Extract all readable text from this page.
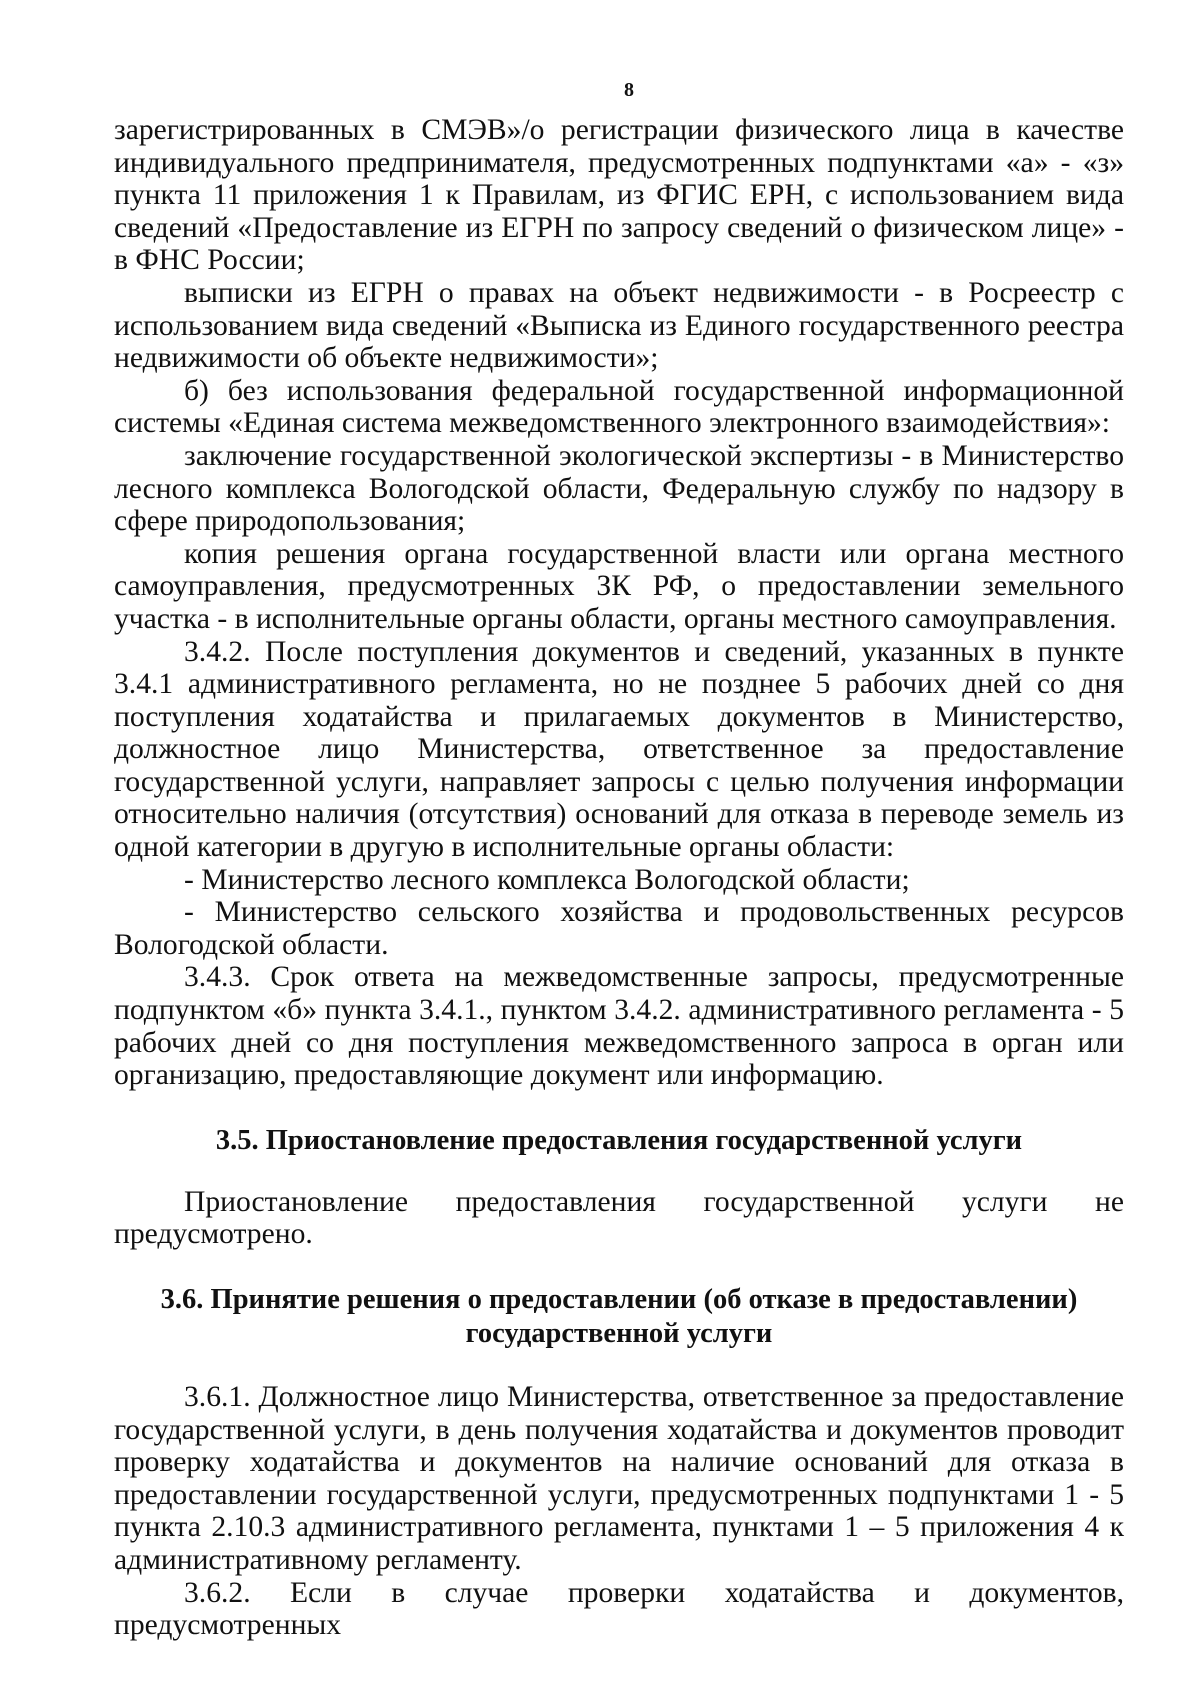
8

зарегистрированных в СМЭВ»/о регистрации физического лица в качестве индивидуального предпринимателя, предусмотренных подпунктами «а» - «з» пункта 11 приложения 1 к Правилам, из ФГИС ЕРН, с использованием вида сведений «Предоставление из ЕГРН по запросу сведений о физическом лице» - в ФНС России;

выписки из ЕГРН о правах на объект недвижимости - в Росреестр с использованием вида сведений «Выписка из Единого государственного реестра недвижимости об объекте недвижимости»;

б) без использования федеральной государственной информационной системы «Единая система межведомственного электронного взаимодействия»:

заключение государственной экологической экспертизы - в Министерство лесного комплекса Вологодской области, Федеральную службу по надзору в сфере природопользования;

копия решения органа государственной власти или органа местного самоуправления, предусмотренных ЗК РФ, о предоставлении земельного участка - в исполнительные органы области, органы местного самоуправления.

3.4.2. После поступления документов и сведений, указанных в пункте 3.4.1 административного регламента, но не позднее 5 рабочих дней со дня поступления ходатайства и прилагаемых документов в Министерство, должностное лицо Министерства, ответственное за предоставление государственной услуги, направляет запросы с целью получения информации относительно наличия (отсутствия) оснований для отказа в переводе земель из одной категории в другую в исполнительные органы области:

- Министерство лесного комплекса Вологодской области;

- Министерство сельского хозяйства и продовольственных ресурсов Вологодской области.

3.4.3. Срок ответа на межведомственные запросы, предусмотренные подпунктом «б» пункта 3.4.1., пунктом 3.4.2. административного регламента - 5 рабочих дней со дня поступления межведомственного запроса в орган или организацию, предоставляющие документ или информацию.

3.5. Приостановление предоставления государственной услуги

Приостановление предоставления государственной услуги не предусмотрено.

3.6. Принятие решения о предоставлении (об отказе в предоставлении) государственной услуги

3.6.1. Должностное лицо Министерства, ответственное за предоставление государственной услуги, в день получения ходатайства и документов проводит проверку ходатайства и документов на наличие оснований для отказа в предоставлении государственной услуги, предусмотренных подпунктами 1 - 5 пункта 2.10.3 административного регламента, пунктами 1 – 5 приложения 4 к административному регламенту.

3.6.2. Если в случае проверки ходатайства и документов, предусмотренных
